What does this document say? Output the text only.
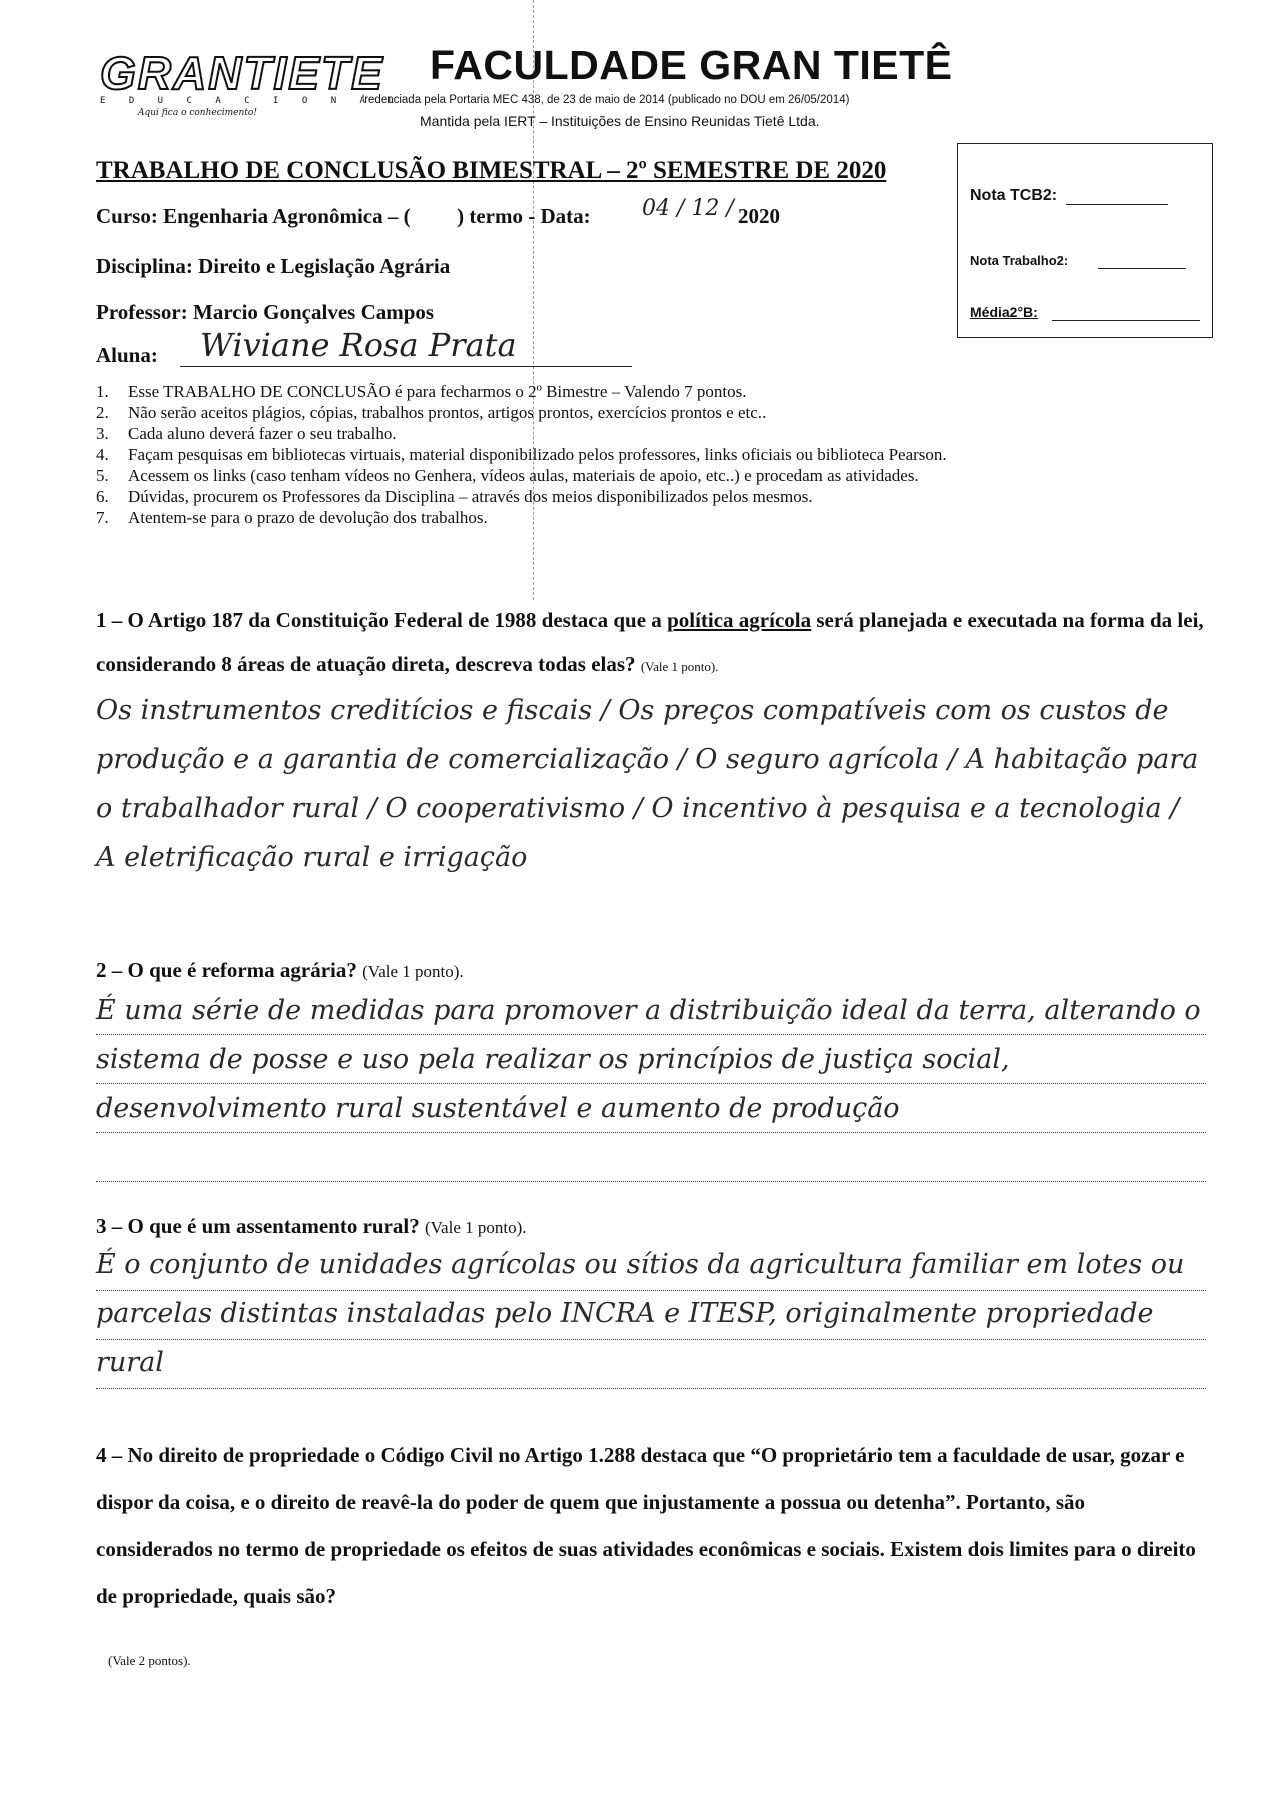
GRANTIETE
E D U C A C I O N A L
Aqui fica o conhecimento!
FACULDADE GRAN TIETÊ
'redenciada pela Portaria MEC 438, de 23 de maio de 2014 (publicado no DOU em 26/05/2014)
Mantida pela IERT – Instituições de Ensino Reunidas Tietê Ltda.
Nota TCB2:
Nota Trabalho2:
Média2°B:
TRABALHO DE CONCLUSÃO BIMESTRAL – 2º SEMESTRE DE 2020
Curso: Engenharia Agronômica – ( ) termo - Data: 04 / 12 / 2020
Disciplina: Direito e Legislação Agrária
Professor: Marcio Gonçalves Campos
Aluna: Wiviane Rosa Prata
1. Esse TRABALHO DE CONCLUSÃO é para fecharmos o 2º Bimestre – Valendo 7 pontos.
2. Não serão aceitos plágios, cópias, trabalhos prontos, artigos prontos, exercícios prontos e etc..
3. Cada aluno deverá fazer o seu trabalho.
4. Façam pesquisas em bibliotecas virtuais, material disponibilizado pelos professores, links oficiais ou biblioteca Pearson.
5. Acessem os links (caso tenham vídeos no Genhera, vídeos aulas, materiais de apoio, etc..) e procedam as atividades.
6. Dúvidas, procurem os Professores da Disciplina – através dos meios disponibilizados pelos mesmos.
7. Atentem-se para o prazo de devolução dos trabalhos.
1 – O Artigo 187 da Constituição Federal de 1988 destaca que a política agrícola será planejada e executada na forma da lei, considerando 8 áreas de atuação direta, descreva todas elas? (Vale 1 ponto).
Os instrumentos creditícios e fiscais / Os preços compatíveis com os custos de produção e a garantia de comercialização / O seguro agrícola / A habitação para o trabalhador rural / O cooperativismo / O incentivo à pesquisa e a tecnologia / A eletrificação rural e irrigação
2 – O que é reforma agrária? (Vale 1 ponto).
É uma série de medidas para promover a distribuição ideal da terra, alterando o sistema de posse e uso pela realizar os princípios de justiça social, desenvolvimento rural sustentável e aumento de produção
3 – O que é um assentamento rural? (Vale 1 ponto).
É o conjunto de unidades agrícolas ou sítios da agricultura familiar em lotes ou parcelas distintas instaladas pelo INCRA e ITESP, originalmente propriedade rural
4 – No direito de propriedade o Código Civil no Artigo 1.288 destaca que “O proprietário tem a faculdade de usar, gozar e dispor da coisa, e o direito de reavê-la do poder de quem que injustamente a possua ou detenha”. Portanto, são considerados no termo de propriedade os efeitos de suas atividades econômicas e sociais. Existem dois limites para o direito de propriedade, quais são?
(Vale 2 pontos).
